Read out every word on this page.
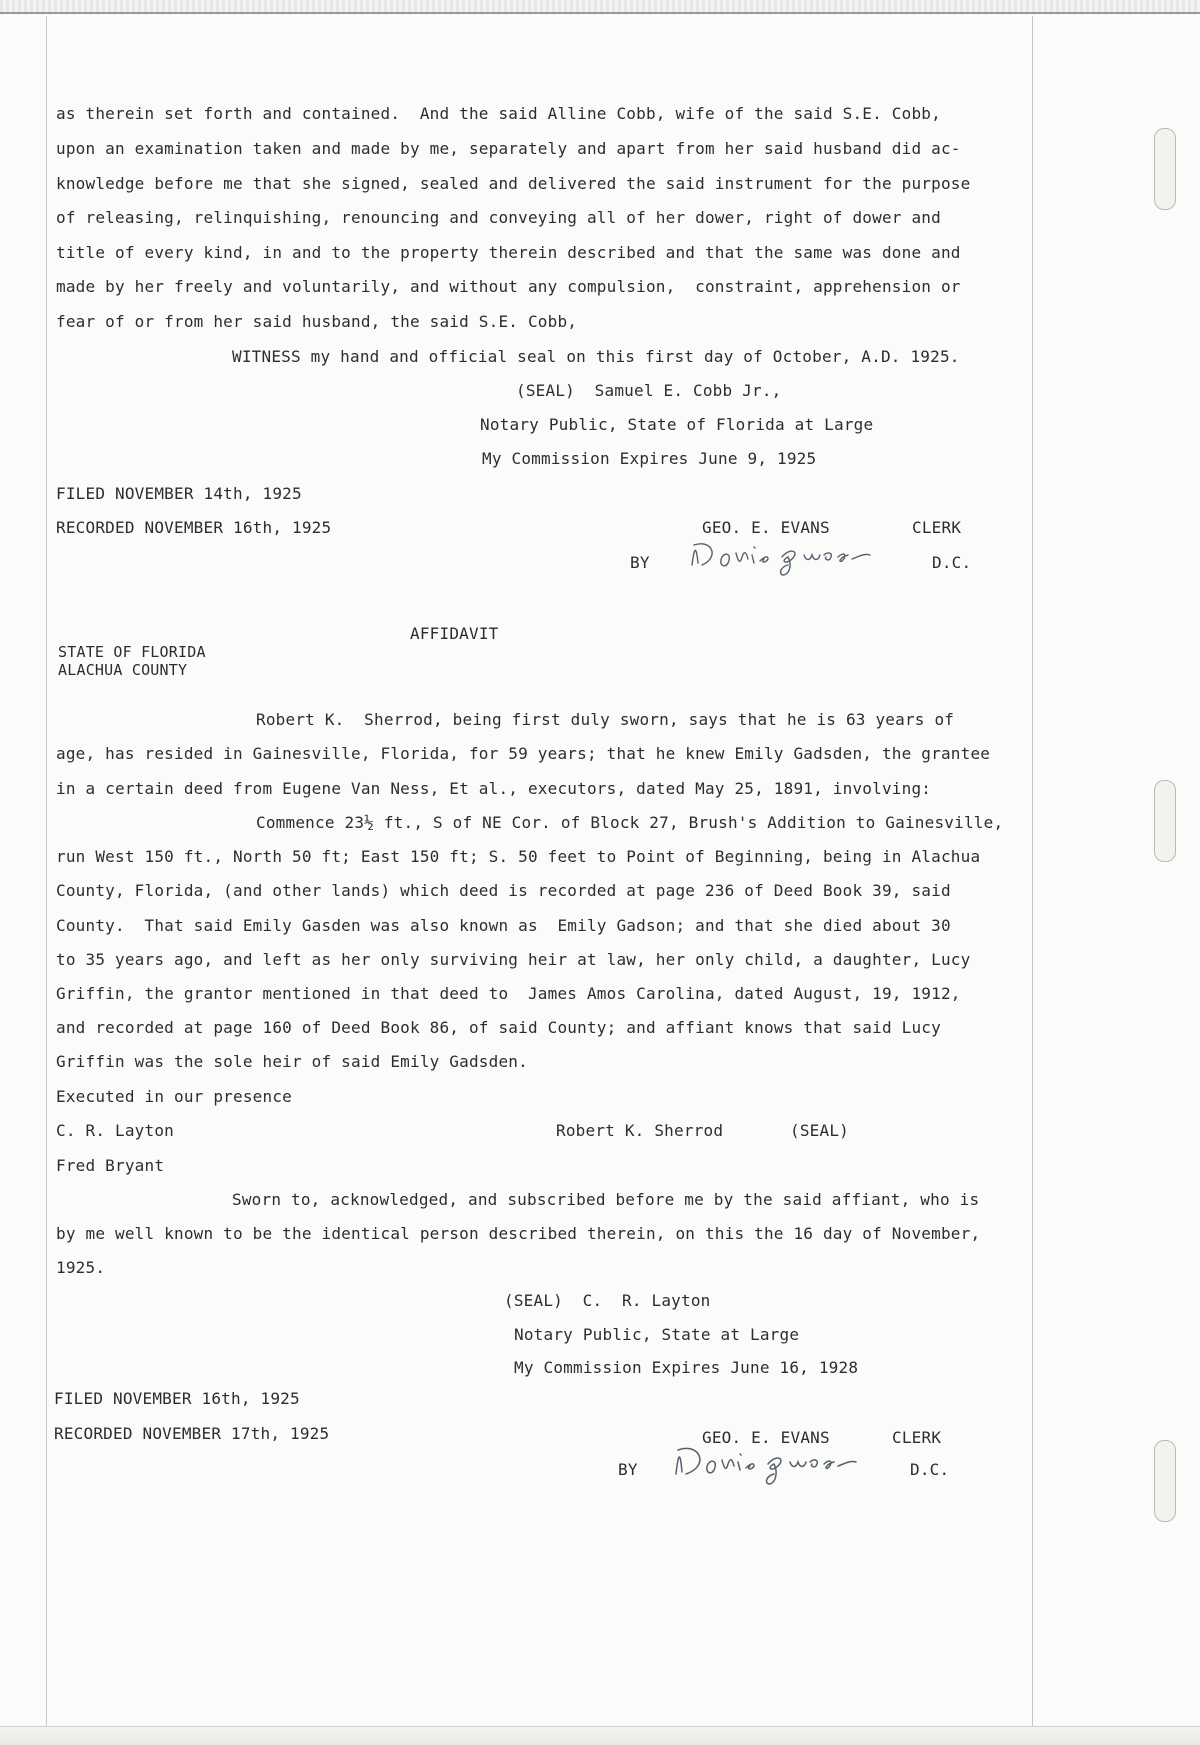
as therein set forth and contained.  And the said Alline Cobb, wife of the said S.E. Cobb,
upon an examination taken and made by me, separately and apart from her said husband did ac-
knowledge before me that she signed, sealed and delivered the said instrument for the purpose
of releasing, relinquishing, renouncing and conveying all of her dower, right of dower and
title of every kind, in and to the property therein described and that the same was done and
made by her freely and voluntarily, and without any compulsion,  constraint, apprehension or
fear of or from her said husband, the said S.E. Cobb,
WITNESS my hand and official seal on this first day of October, A.D. 1925.
(SEAL)  Samuel E. Cobb Jr.,
Notary Public, State of Florida at Large
My Commission Expires June 9, 1925
FILED NOVEMBER 14th, 1925
RECORDED NOVEMBER 16th, 1925	GEO. E. EVANS	CLERK
BY	D.C.
AFFIDAVIT
STATE OF FLORIDA
ALACHUA COUNTY
Robert K.  Sherrod, being first duly sworn, says that he is 63 years of
age, has resided in Gainesville, Florida, for 59 years; that he knew Emily Gadsden, the grantee
in a certain deed from Eugene Van Ness, Et al., executors, dated May 25, 1891, involving:
Commence 23½ ft., S of NE Cor. of Block 27, Brush's Addition to Gainesville,
run West 150 ft., North 50 ft; East 150 ft; S. 50 feet to Point of Beginning, being in Alachua
County, Florida, (and other lands) which deed is recorded at page 236 of Deed Book 39, said
County.  That said Emily Gasden was also known as  Emily Gadson; and that she died about 30
to 35 years ago, and left as her only surviving heir at law, her only child, a daughter, Lucy
Griffin, the grantor mentioned in that deed to  James Amos Carolina, dated August, 19, 1912,
and recorded at page 160 of Deed Book 86, of said County; and affiant knows that said Lucy
Griffin was the sole heir of said Emily Gadsden.
Executed in our presence
C. R. Layton	Robert K. Sherrod	(SEAL)
Fred Bryant
Sworn to, acknowledged, and subscribed before me by the said affiant, who is
by me well known to be the identical person described therein, on this the 16 day of November,
1925.
(SEAL)  C.  R. Layton
Notary Public, State at Large
My Commission Expires June 16, 1928
FILED NOVEMBER 16th, 1925
RECORDED NOVEMBER 17th, 1925	GEO. E. EVANS	CLERK
BY	D.C.
